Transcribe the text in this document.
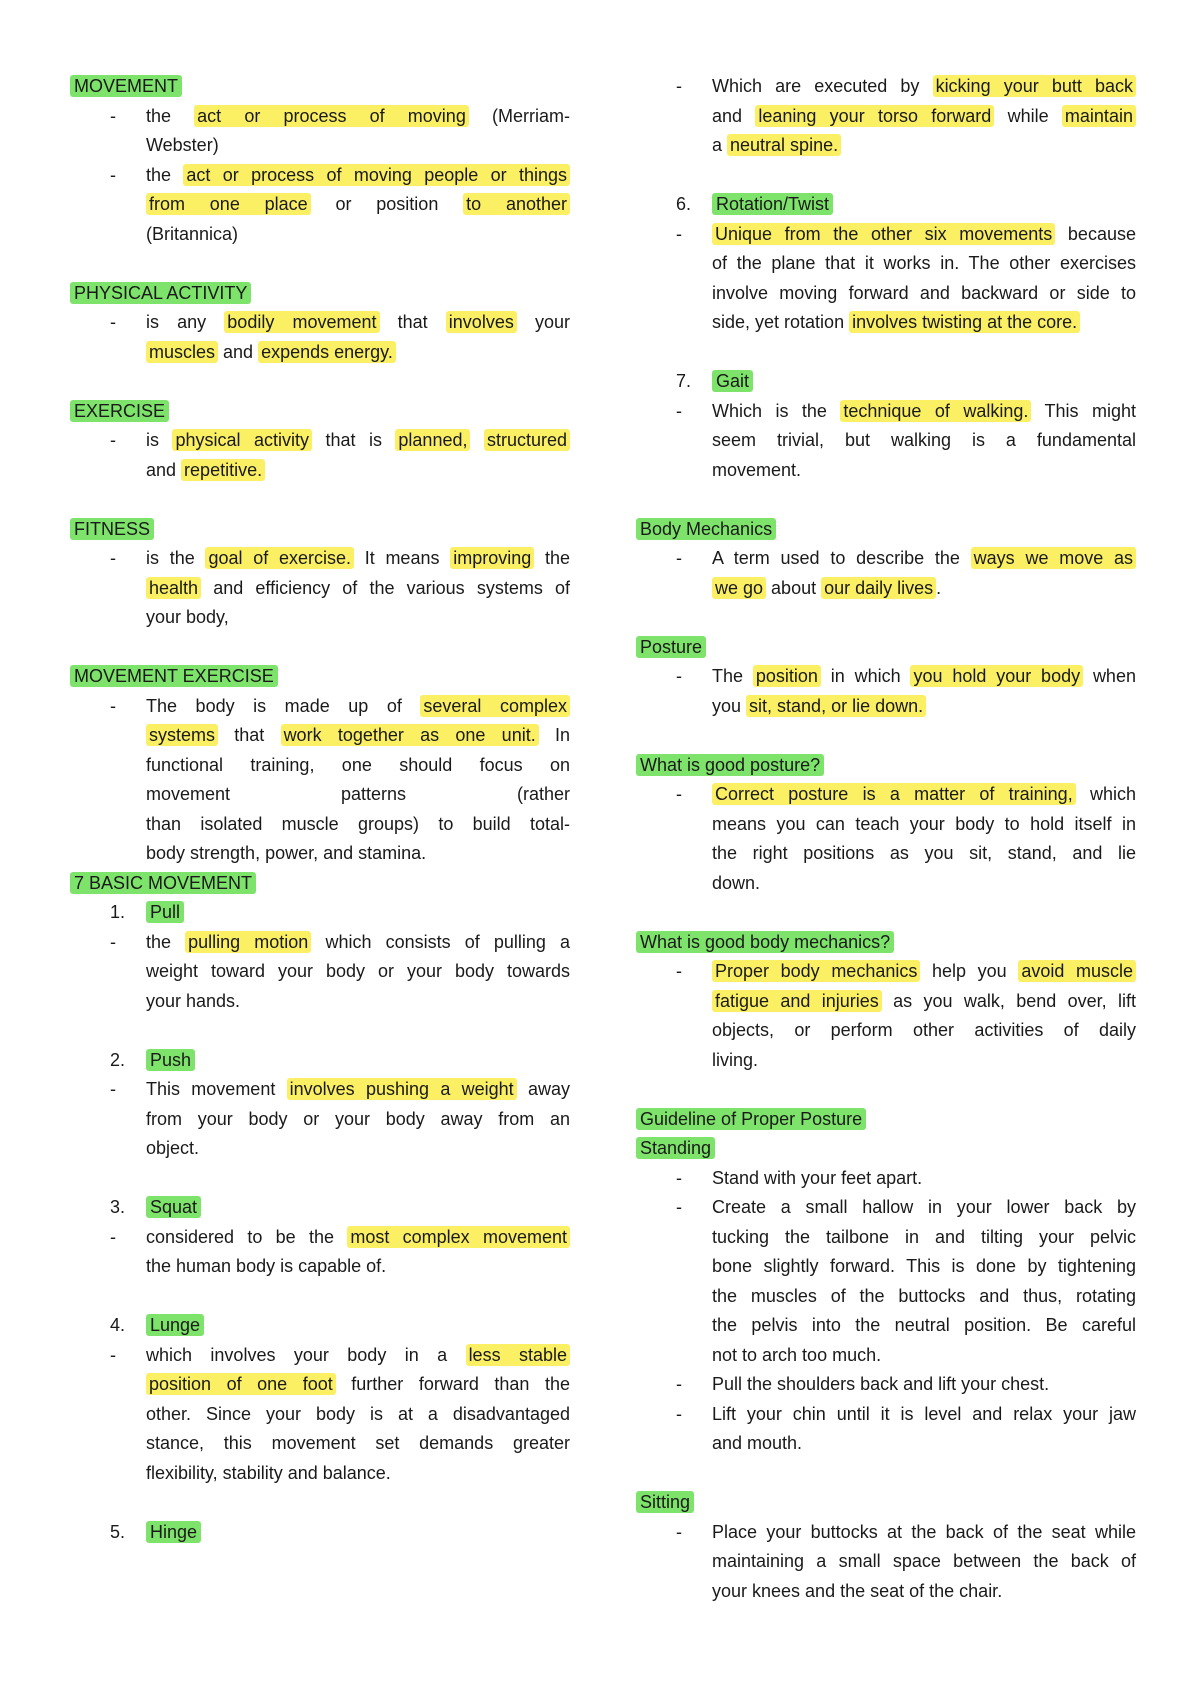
MOVEMENT
- the act or process of moving (Merriam-
Webster)
- the act or process of moving people or things
from one place or position to another
(Britannica)
PHYSICAL ACTIVITY
- is any bodily movement that involves your
muscles and expends energy.
EXERCISE
- is physical activity that is planned, structured
and repetitive.
FITNESS
- is the goal of exercise. It means improving the
health and efficiency of the various systems of
your body,
MOVEMENT EXERCISE
- The body is made up of several complex
systems that work together as one unit. In
functional training, one should focus on
movement patterns	(rather
than isolated muscle groups) to build total-
body strength, power, and stamina.
7 BASIC MOVEMENT
1. Pull
- the pulling motion which consists of pulling a
weight toward your body or your body towards
your hands.
2. Push
- This movement involves pushing a weight away
from your body or your body away from an
object.
3. Squat
- considered to be the most complex movement
the human body is capable of.
4. Lunge
- which involves your body in a less stable
position of one foot further forward than the
other. Since your body is at a disadvantaged
stance, this movement set demands greater
flexibility, stability and balance.
5. Hinge
- Which are executed by kicking your butt back
and leaning your torso forward while maintain
a neutral spine.
6. Rotation/Twist
- Unique from the other six movements because
of the plane that it works in. The other exercises
involve moving forward and backward or side to
side, yet rotation involves twisting at the core.
7. Gait
- Which is the technique of walking. This might
seem trivial, but walking is a fundamental
movement.
Body Mechanics
- A term used to describe the ways we move as
we go about our daily lives .
Posture
- The position in which you hold your body when
you sit, stand, or lie down.
What is good posture?
- Correct posture is a matter of training, which
means you can teach your body to hold itself in
the right positions as you sit, stand, and lie
down.
What is good body mechanics?
- Proper body mechanics help you avoid muscle
fatigue and injuries as you walk, bend over, lift
objects, or perform other activities of daily
living.
Guideline of Proper Posture
Standing
- Stand with your feet apart.
- Create a small hallow in your lower back by
tucking the tailbone in and tilting your pelvic
bone slightly forward. This is done by tightening
the muscles of the buttocks and thus, rotating
the pelvis into the neutral position. Be careful
not to arch too much.
- Pull the shoulders back and lift your chest.
- Lift your chin until it is level and relax your jaw
and mouth.
Sitting
- Place your buttocks at the back of the seat while
maintaining a small space between the back of
your knees and the seat of the chair.
